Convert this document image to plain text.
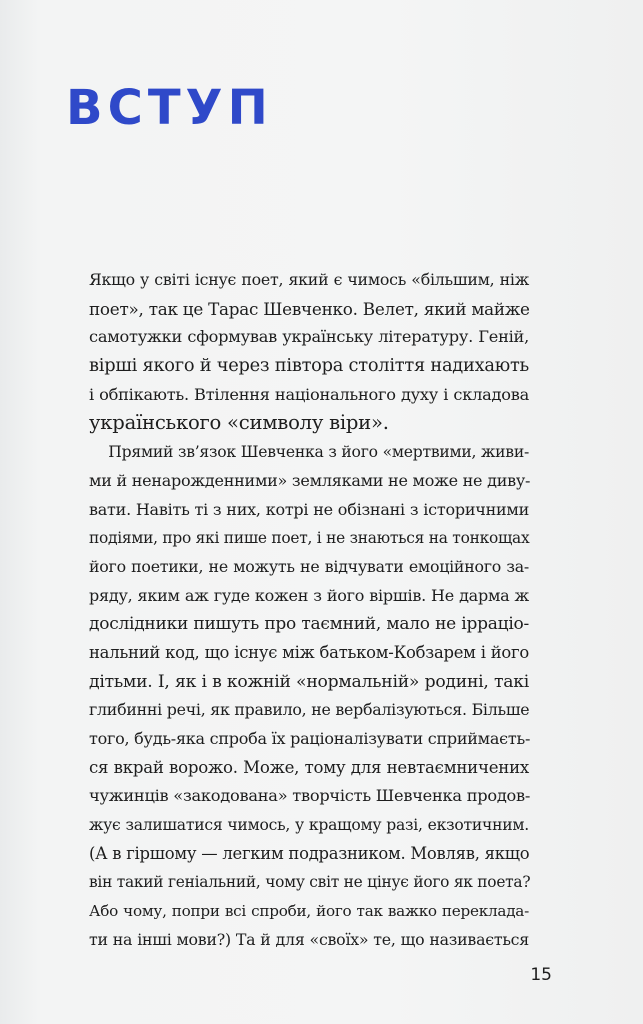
ВСТУП
Якщо у світі існує поет, який є чимось «більшим, ніж
поет», так це Тарас Шевченко. Велет, який майже
самотужки сформував українську літературу. Геній,
вірші якого й через півтора століття надихають
і обпікають. Втілення національного духу і складова
українського «символу віри».
Прямий зв’язок Шевченка з його «мертвими, живи-
ми й ненарожденними» земляками не може не диву-
вати. Навіть ті з них, котрі не обізнані з історичними
подіями, про які пише поет, і не знаються на тонкощах
його поетики, не можуть не відчувати емоційного за-
ряду, яким аж гуде кожен з його віршів. Не дарма ж
дослідники пишуть про таємний, мало не ірраціо-
нальний код, що існує між батьком-Кобзарем і його
дітьми. І, як і в кожній «нормальній» родині, такі
глибинні речі, як правило, не вербалізуються. Більше
того, будь-яка спроба їх раціоналізувати сприймаєть-
ся вкрай ворожо. Може, тому для невтаємничених
чужинців «закодована» творчість Шевченка продов-
жує залишатися чимось, у кращому разі, екзотичним.
(А в гіршому — легким подразником. Мовляв, якщо
він такий геніальний, чому світ не цінує його як поета?
Або чому, попри всі спроби, його так важко переклада-
ти на інші мови?) Та й для «своїх» те, що називається
15
